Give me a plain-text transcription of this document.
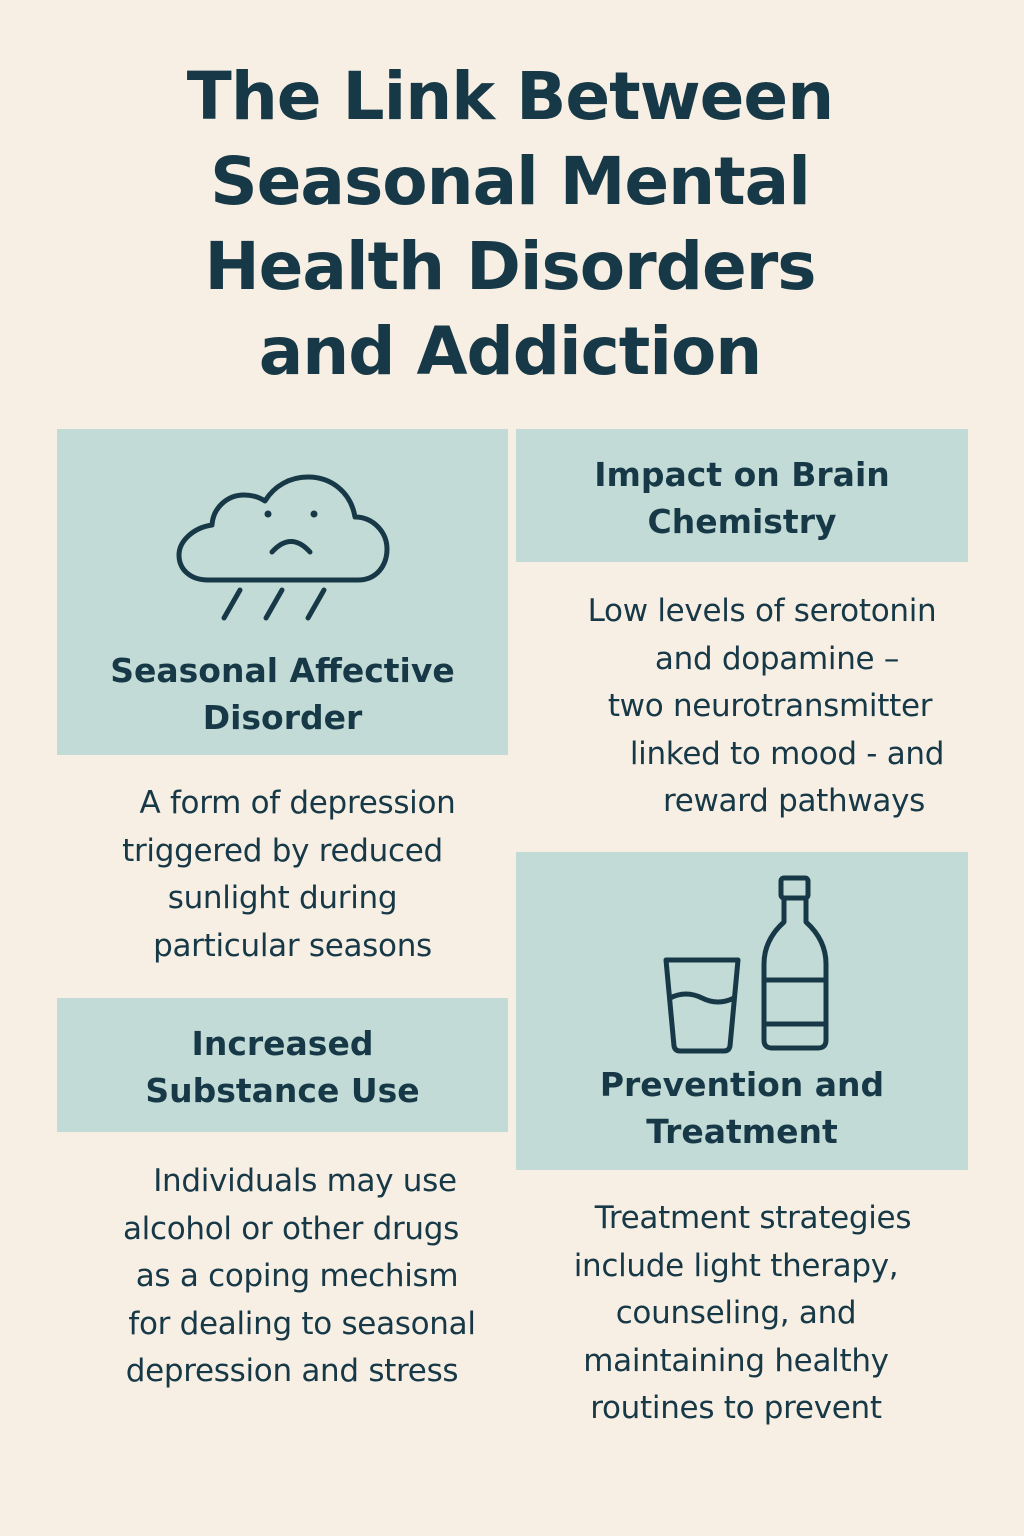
The Link Between
Seasonal Mental
Health Disorders
and Addiction
Seasonal Affective
Disorder

A form of depression
triggered by reduced
sunlight during
particular seasons

Impact on Brain
Chemistry

Low levels of serotonin
and dopamine –
two neurotransmitter
linked to mood - and
reward pathways

Increased
Substance Use

Individuals may use
alcohol or other drugs
as a coping mechism
for dealing to seasonal
depression and stress

Prevention and
Treatment

Treatment strategies
include light therapy,
counseling, and
maintaining healthy
routines to prevent
